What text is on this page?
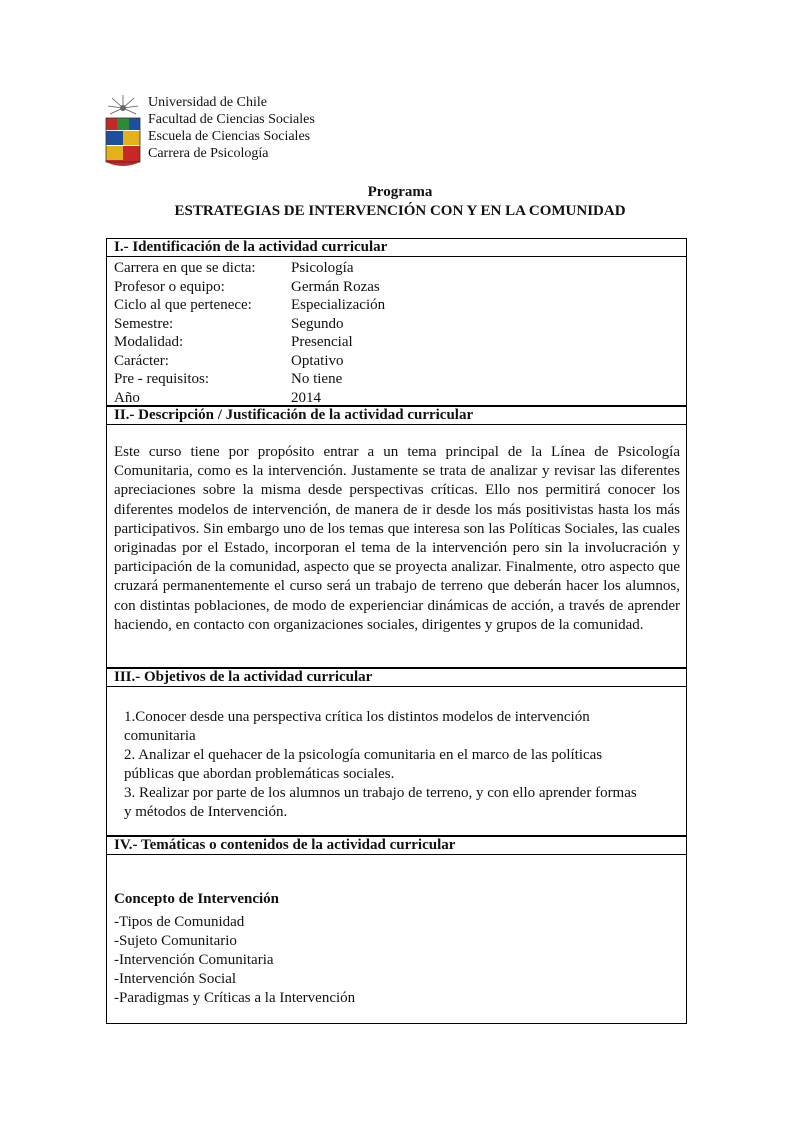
Universidad de Chile
Facultad de Ciencias Sociales
Escuela de Ciencias Sociales
Carrera de Psicología
Programa
ESTRATEGIAS DE INTERVENCIÓN CON Y EN LA COMUNIDAD
I.- Identificación de la actividad curricular
Carrera en que se dicta: Psicología
Profesor o equipo:	Germán Rozas
Ciclo al que pertenece:	Especialización
Semestre:	Segundo
Modalidad:	Presencial
Carácter:	Optativo
Pre - requisitos:	No tiene
Año	2014
II.- Descripción / Justificación de la actividad curricular
Este curso tiene por propósito entrar a un tema principal de la Línea de Psicología Comunitaria, como es la intervención. Justamente se trata de analizar y revisar las diferentes apreciaciones sobre la misma desde perspectivas críticas. Ello nos permitirá conocer los diferentes modelos de intervención, de manera de ir desde los más positivistas hasta los más participativos. Sin embargo uno de los temas que interesa son las Políticas Sociales, las cuales originadas por el Estado, incorporan el tema de la intervención pero sin la involucración y participación de la comunidad, aspecto que se proyecta analizar. Finalmente, otro aspecto que cruzará permanentemente el curso será un trabajo de terreno que deberán hacer los alumnos, con distintas poblaciones, de modo de experienciar dinámicas de acción, a través de aprender haciendo, en contacto con organizaciones sociales, dirigentes y grupos de la comunidad.
III.- Objetivos de la actividad curricular
1.Conocer desde una perspectiva crítica los distintos modelos de intervención comunitaria
2. Analizar el quehacer de la psicología comunitaria en el marco de las políticas públicas que abordan problemáticas sociales.
3. Realizar por parte de los alumnos un trabajo de terreno, y con ello aprender formas y métodos de Intervención.
IV.- Temáticas o contenidos de la actividad curricular
Concepto de Intervención
-Tipos de Comunidad
-Sujeto Comunitario
-Intervención Comunitaria
-Intervención Social
-Paradigmas y Críticas a la Intervención
